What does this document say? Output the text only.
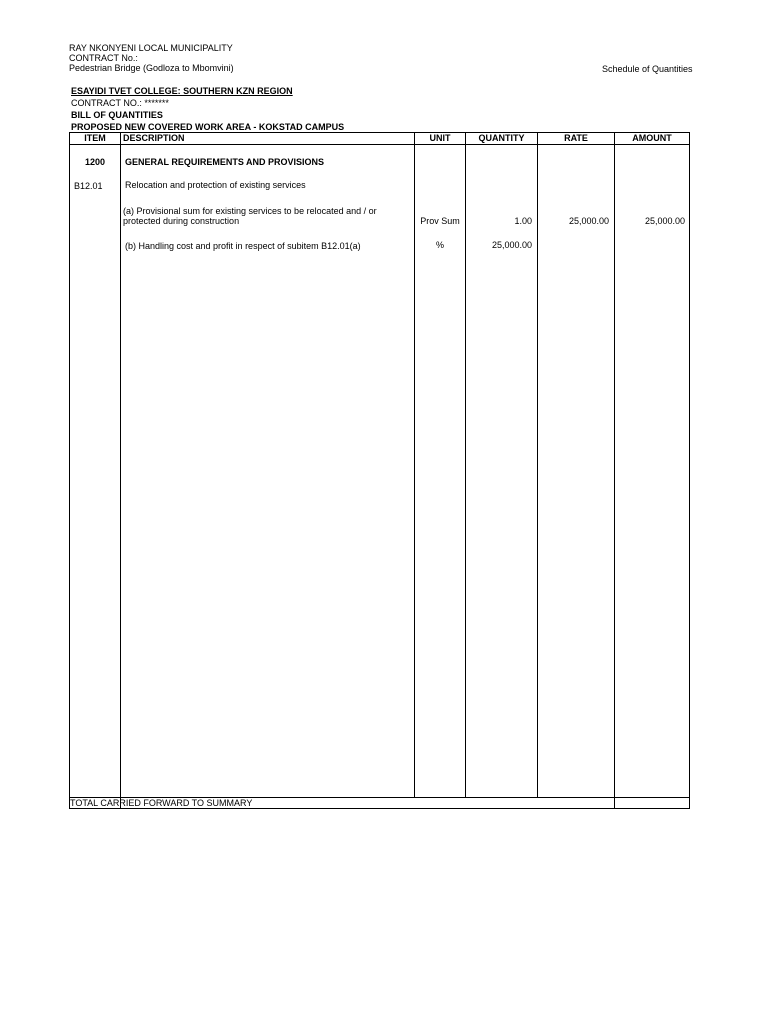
RAY NKONYENI LOCAL MUNICIPALITY
CONTRACT No.:
Pedestrian Bridge (Godloza to Mbomvini)	Schedule of Quantities
ESAYIDI TVET COLLEGE: SOUTHERN KZN REGION
CONTRACT NO.: *******
BILL OF QUANTITIES
PROPOSED NEW COVERED WORK AREA - KOKSTAD CAMPUS
ITEM	DESCRIPTION	UNIT	QUANTITY	RATE	AMOUNT
1200	GENERAL REQUIREMENTS AND PROVISIONS
B12.01 Relocation and protection of existing services
(a) Provisional sum for existing services to be relocated and / or
protected during construction	Prov Sum	1.00	25,000.00	25,000.00
(b) Handling cost and profit in respect of subitem B12.01(a)	%	25,000.00
TOTAL CARRIED FORWARD TO SUMMARY
